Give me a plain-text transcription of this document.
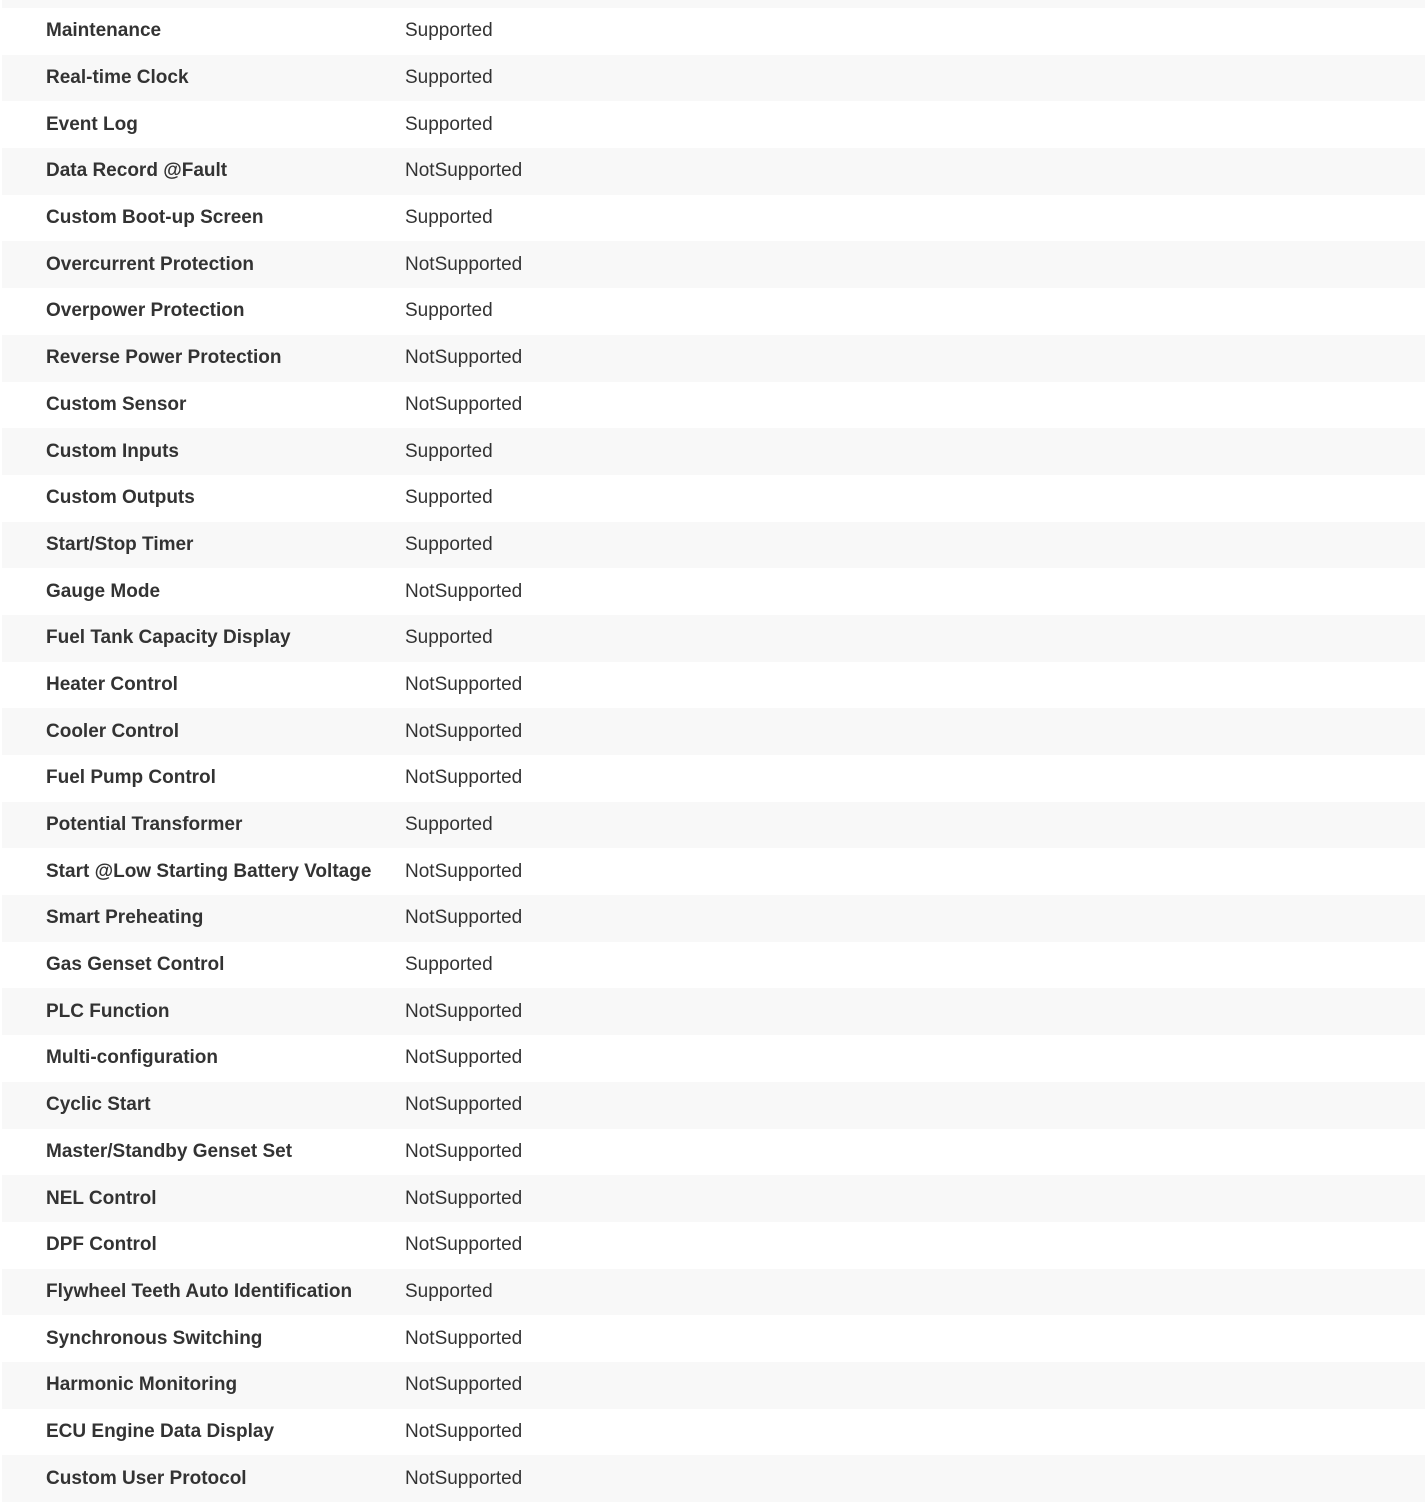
Maintenance	Supported
Real-time Clock	Supported
Event Log	Supported
Data Record @Fault	NotSupported
Custom Boot-up Screen	Supported
Overcurrent Protection	NotSupported
Overpower Protection	Supported
Reverse Power Protection	NotSupported
Custom Sensor	NotSupported
Custom Inputs	Supported
Custom Outputs	Supported
Start/Stop Timer	Supported
Gauge Mode	NotSupported
Fuel Tank Capacity Display	Supported
Heater Control	NotSupported
Cooler Control	NotSupported
Fuel Pump Control	NotSupported
Potential Transformer	Supported
Start @Low Starting Battery Voltage	NotSupported
Smart Preheating	NotSupported
Gas Genset Control	Supported
PLC Function	NotSupported
Multi-configuration	NotSupported
Cyclic Start	NotSupported
Master/Standby Genset Set	NotSupported
NEL Control	NotSupported
DPF Control	NotSupported
Flywheel Teeth Auto Identification	Supported
Synchronous Switching	NotSupported
Harmonic Monitoring	NotSupported
ECU Engine Data Display	NotSupported
Custom User Protocol	NotSupported
